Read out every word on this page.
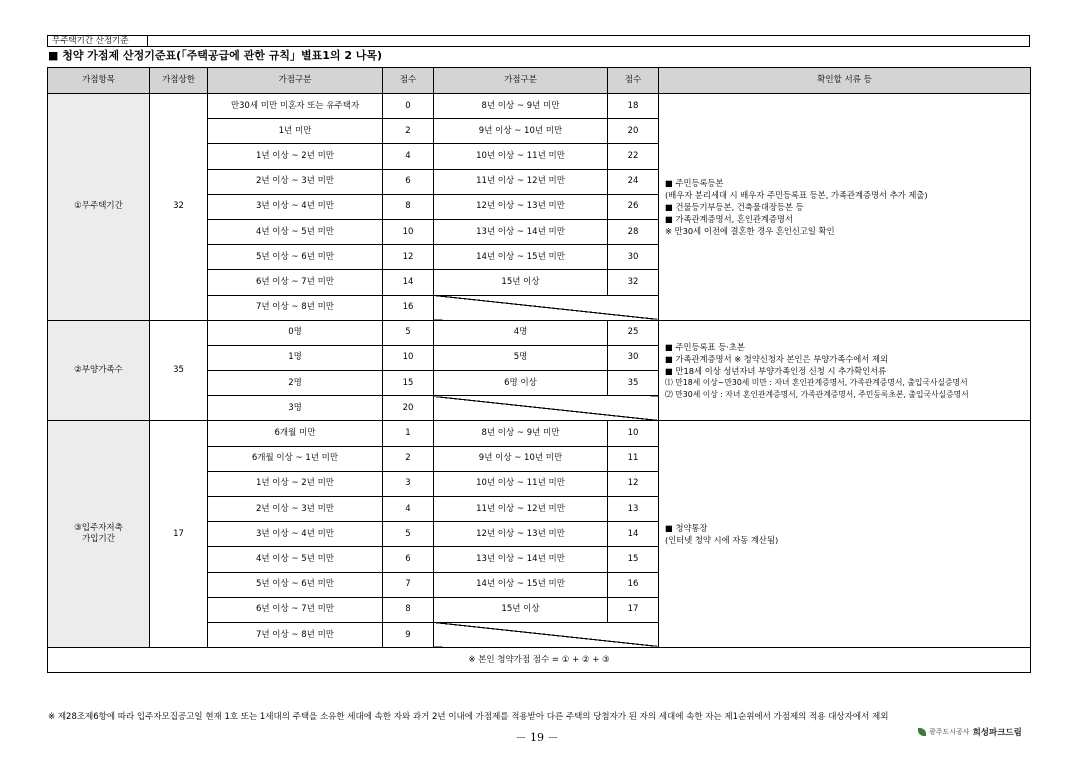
무주택기간 산정기준
■ 청약 가점제 산정기준표(「주택공급에 관한 규칙」별표1의 2 나목)
가점항목	가점상한	가점구분	점수	가점구분	점수	확인할 서류 등
①무주택기간	32	만30세 미만 미혼자 또는 유주택자	0	8년 이상 ~ 9년 미만	18	■ 주민등록등본
(배우자 분리세대 시 배우자 주민등록표 등본, 가족관계증명서 추가 제출)
■ 건물등기부등본, 건축물대장등본 등
■ 가족관계증명서, 혼인관계증명서
※ 만30세 이전에 결혼한 경우 혼인신고일 확인

		1년 미만	2	9년 이상 ~ 10년 미만	20	
		1년 이상 ~ 2년 미만	4	10년 이상 ~ 11년 미만	22	
		2년 이상 ~ 3년 미만	6	11년 이상 ~ 12년 미만	24	
		3년 이상 ~ 4년 미만	8	12년 이상 ~ 13년 미만	26	
		4년 이상 ~ 5년 미만	10	13년 이상 ~ 14년 미만	28	
		5년 이상 ~ 6년 미만	12	14년 이상 ~ 15년 미만	30	
		6년 이상 ~ 7년 미만	14	15년 이상	32	
		7년 이상 ~ 8년 미만	16			
②부양가족수	35	0명	5	4명	25	■ 주민등록표 등·초본
■ 가족관계증명서 ※ 청약신청자 본인은 부양가족수에서 제외
■ 만18세 이상 성년자녀 부양가족인정 신청 시 추가확인서류
⑴ 만18세 이상~만30세 미만 : 자녀 혼인관계증명서, 가족관계증명서, 출입국사실증명서
⑵ 만30세 이상 : 자녀 혼인관계증명서, 가족관계증명서, 주민등록초본, 출입국사실증명서

		1명	10	5명	30	
		2명	15	6명 이상	35	
		3명	20			
③입주자저축
가입기간	17	6개월 미만	1	8년 이상 ~ 9년 미만	10	■ 청약통장
(인터넷 청약 시에 자동 계산됨)

		6개월 이상 ~ 1년 미만	2	9년 이상 ~ 10년 미만	11	
		1년 이상 ~ 2년 미만	3	10년 이상 ~ 11년 미만	12	
		2년 이상 ~ 3년 미만	4	11년 이상 ~ 12년 미만	13	
		3년 이상 ~ 4년 미만	5	12년 이상 ~ 13년 미만	14	
		4년 이상 ~ 5년 미만	6	13년 이상 ~ 14년 미만	15	
		5년 이상 ~ 6년 미만	7	14년 이상 ~ 15년 미만	16	
		6년 이상 ~ 7년 미만	8	15년 이상	17	
		7년 이상 ~ 8년 미만	9			
※ 본인 청약가점 점수 = ① + ② + ③						
※ 제28조제6항에 따라 입주자모집공고일 현재 1호 또는 1세대의 주택을 소유한 세대에 속한 자와 과거 2년 이내에 가점제를 적용받아 다른 주택의 당첨자가 된 자의 세대에 속한 자는 제1순위에서 가점제의 적용 대상자에서 제외
－ 19 －	광주도시공사 희성파크드림
